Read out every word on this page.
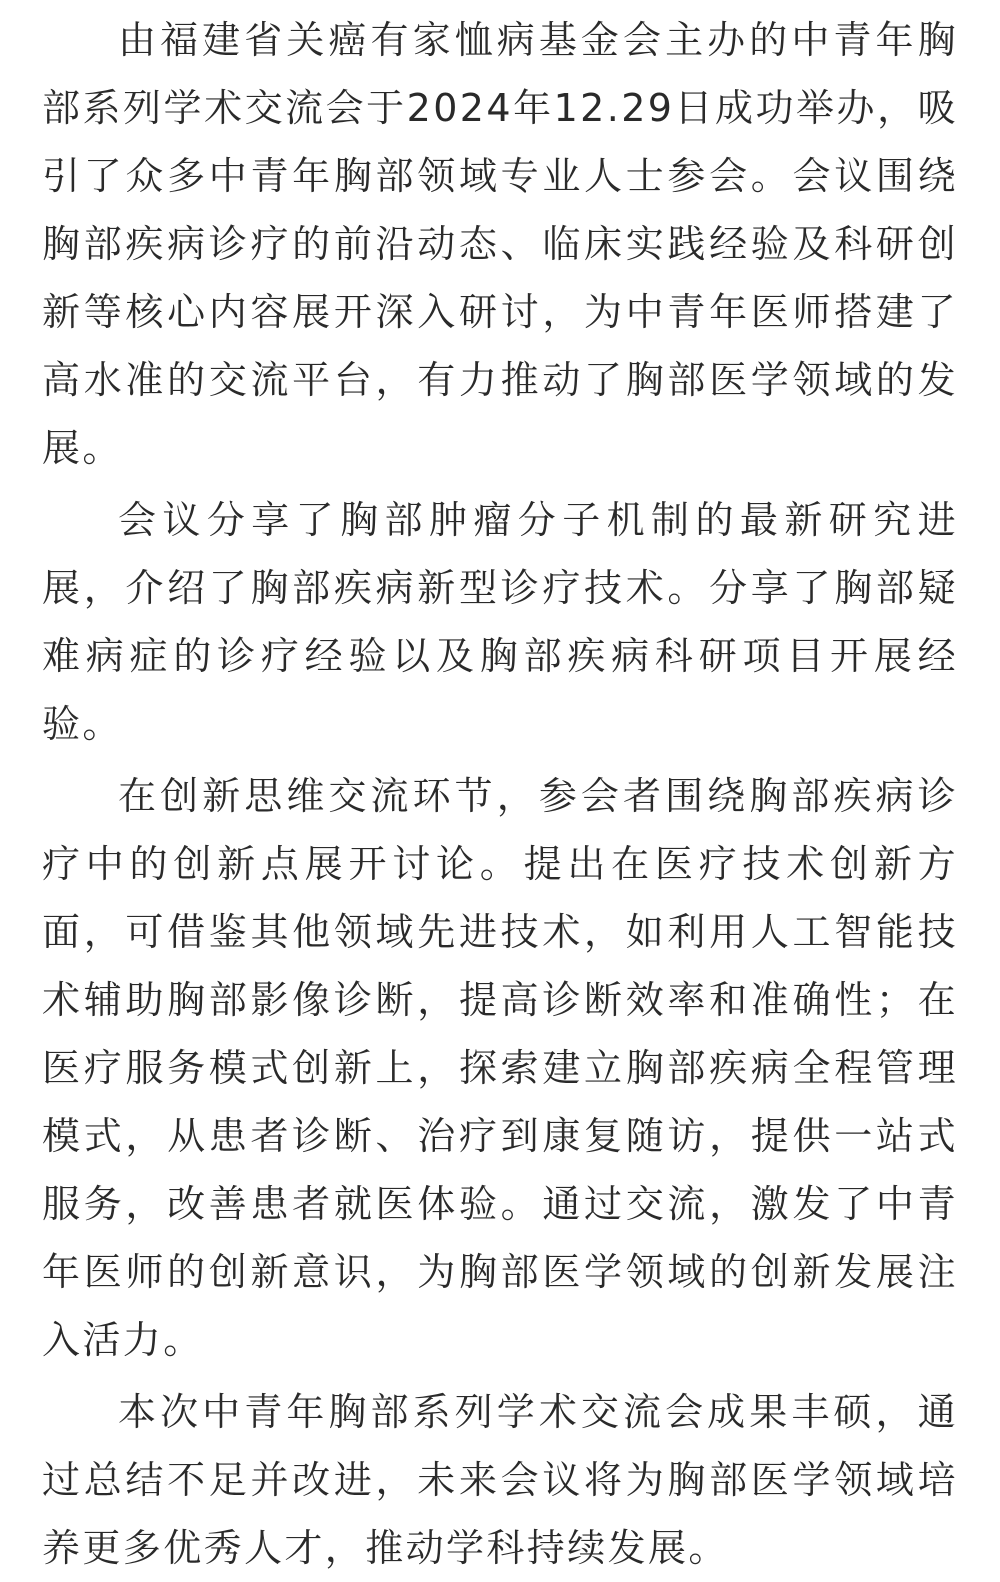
由福建省关癌有家恤病基金会主办的中青年胸部系列学术交流会于2024年12.29日成功举办，吸引了众多中青年胸部领域专业人士参会。会议围绕胸部疾病诊疗的前沿动态、临床实践经验及科研创新等核心内容展开深入研讨，为中青年医师搭建了高水准的交流平台，有力推动了胸部医学领域的发展。

会议分享了胸部肿瘤分子机制的最新研究进展，介绍了胸部疾病新型诊疗技术。分享了胸部疑难病症的诊疗经验以及胸部疾病科研项目开展经验。

在创新思维交流环节，参会者围绕胸部疾病诊疗中的创新点展开讨论。提出在医疗技术创新方面，可借鉴其他领域先进技术，如利用人工智能技术辅助胸部影像诊断，提高诊断效率和准确性；在医疗服务模式创新上，探索建立胸部疾病全程管理模式，从患者诊断、治疗到康复随访，提供一站式服务，改善患者就医体验。通过交流，激发了中青年医师的创新意识，为胸部医学领域的创新发展注入活力。

本次中青年胸部系列学术交流会成果丰硕，通过总结不足并改进，未来会议将为胸部医学领域培养更多优秀人才，推动学科持续发展。
